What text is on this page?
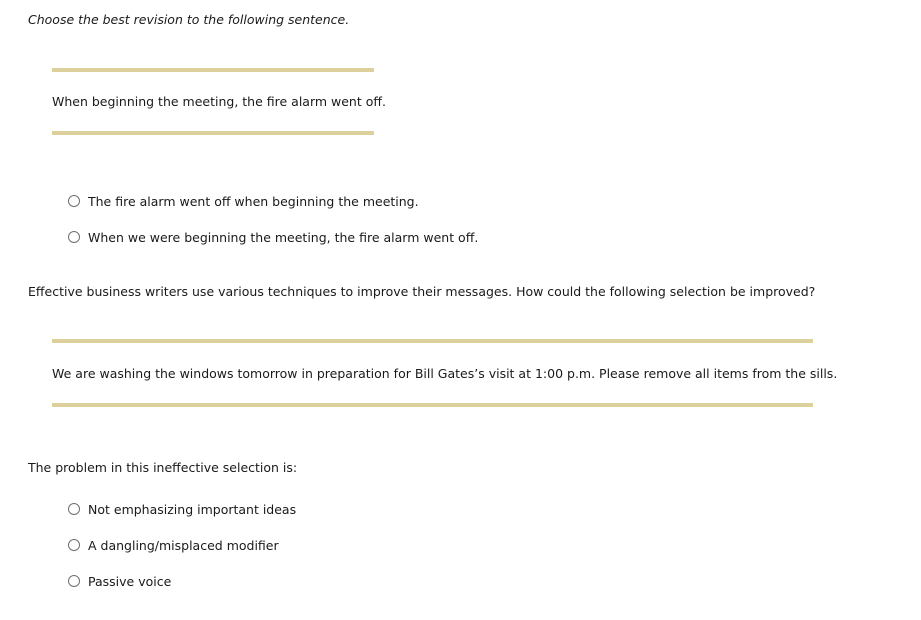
Choose the best revision to the following sentence.
When beginning the meeting, the fire alarm went off.
The fire alarm went off when beginning the meeting.
When we were beginning the meeting, the fire alarm went off.
Effective business writers use various techniques to improve their messages. How could the following selection be improved?
We are washing the windows tomorrow in preparation for Bill Gates’s visit at 1:00 p.m. Please remove all items from the sills.
The problem in this ineffective selection is:
Not emphasizing important ideas
A dangling/misplaced modifier
Passive voice
